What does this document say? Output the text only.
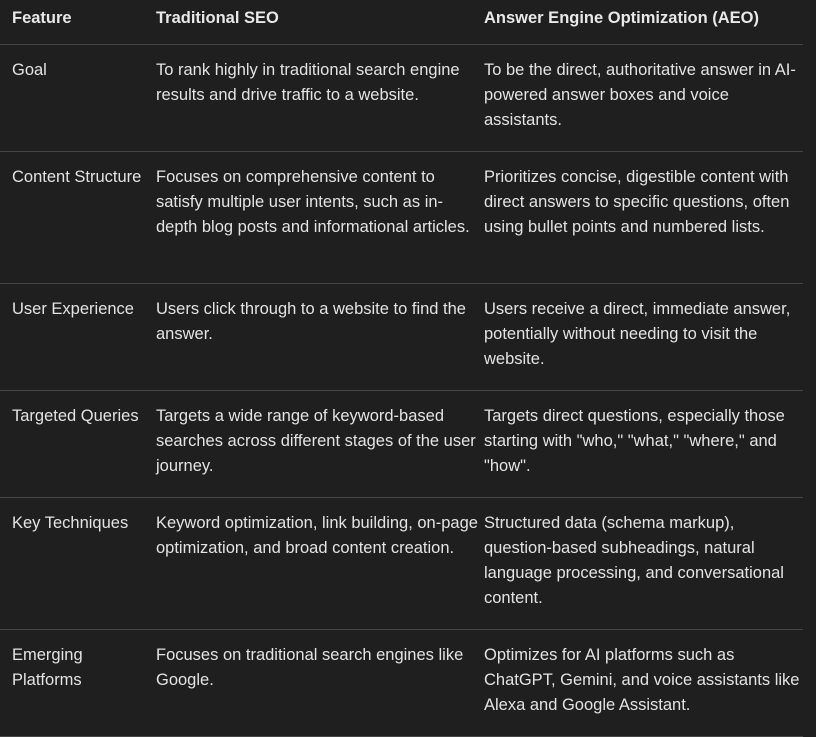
Feature	Traditional SEO	Answer Engine Optimization (AEO)
Goal	To rank highly in traditional search engine results and drive traffic to a website.	To be the direct, authoritative answer in AI-powered answer boxes and voice assistants.
Content Structure	Focuses on comprehensive content to satisfy multiple user intents, such as in-depth blog posts and informational articles.	Prioritizes concise, digestible content with direct answers to specific questions, often using bullet points and numbered lists.
User Experience	Users click through to a website to find the answer.	Users receive a direct, immediate answer, potentially without needing to visit the website.
Targeted Queries	Targets a wide range of keyword-based searches across different stages of the user journey.	Targets direct questions, especially those starting with "who," "what," "where," and "how".
Key Techniques	Keyword optimization, link building, on-page optimization, and broad content creation.	Structured data (schema markup), question-based subheadings, natural language processing, and conversational content.
Emerging Platforms	Focuses on traditional search engines like Google.	Optimizes for AI platforms such as ChatGPT, Gemini, and voice assistants like Alexa and Google Assistant.
